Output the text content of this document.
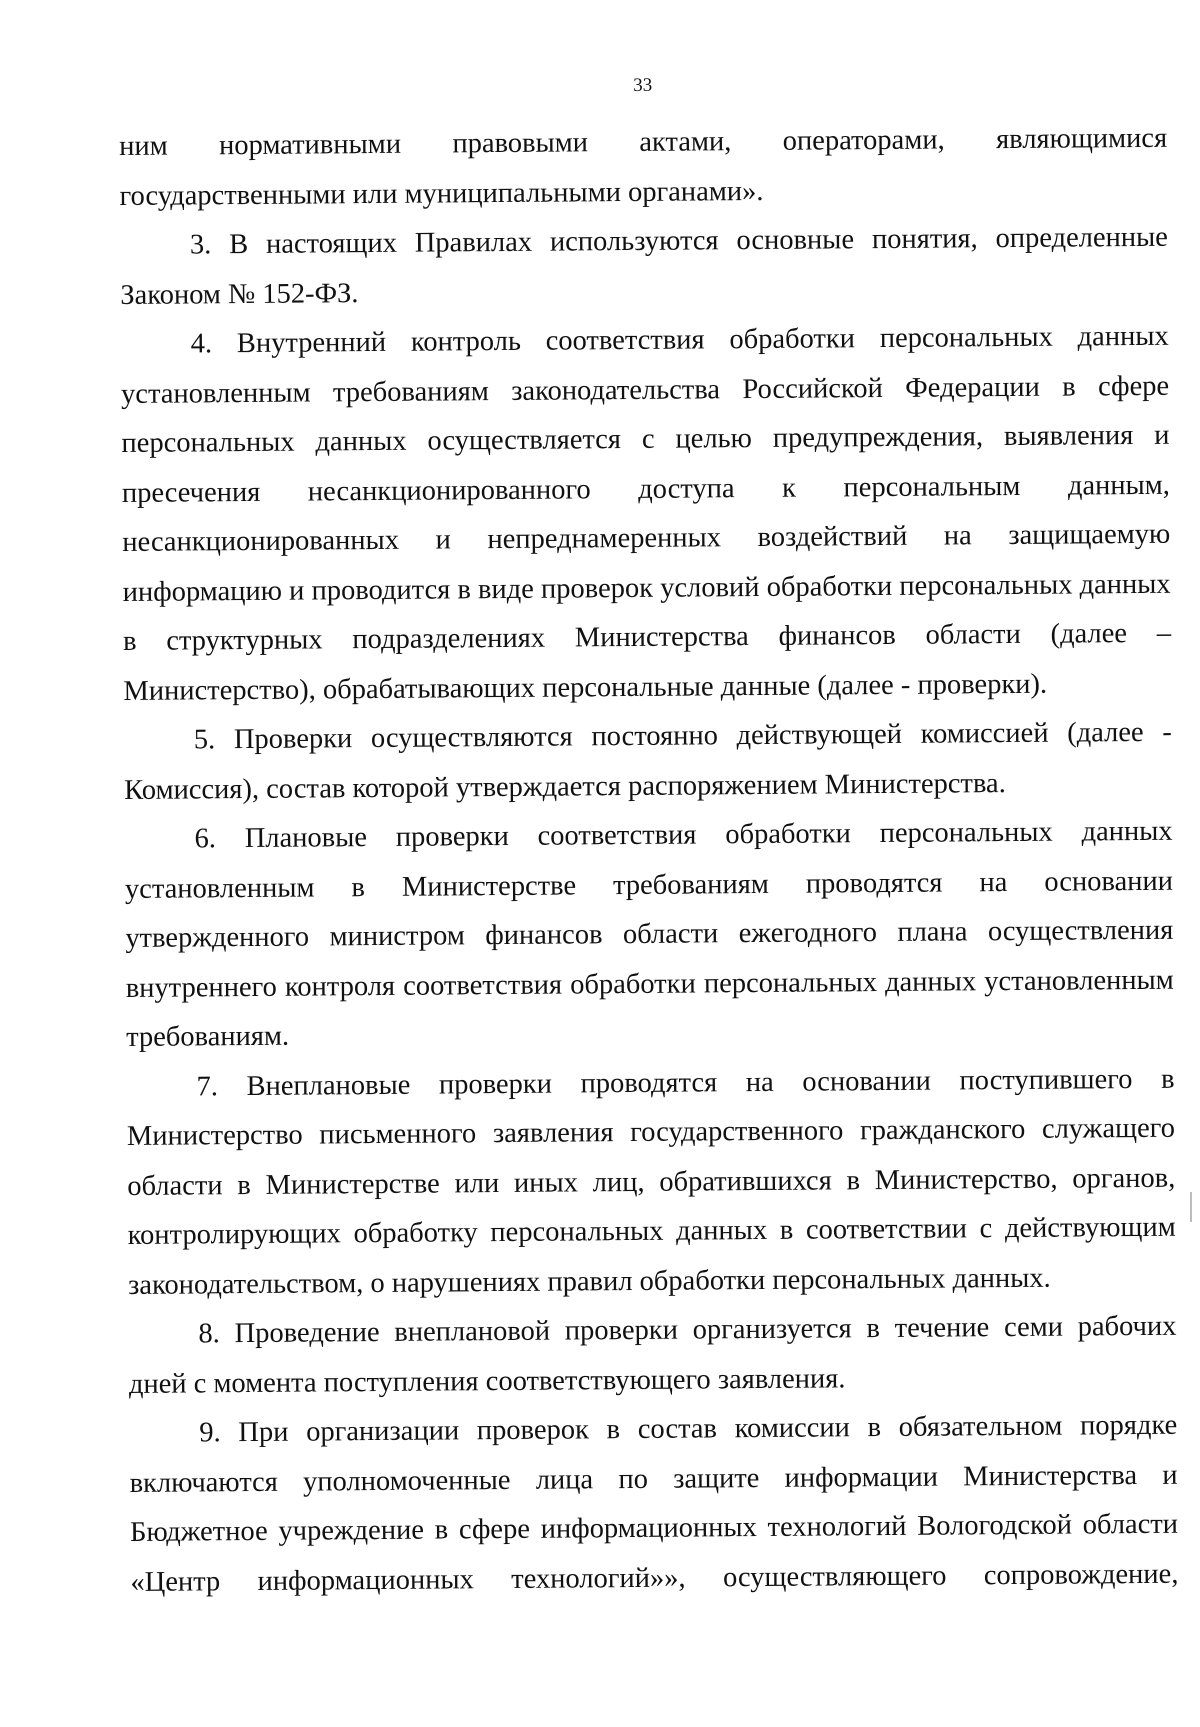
33

ним нормативными правовыми актами, операторами, являющимися государственными или муниципальными органами».

3. В настоящих Правилах используются основные понятия, определенные Законом № 152-ФЗ.

4. Внутренний контроль соответствия обработки персональных данных установленным требованиям законодательства Российской Федерации в сфере персональных данных осуществляется с целью предупреждения, выявления и пресечения несанкционированного доступа к персональным данным, несанкционированных и непреднамеренных воздействий на защищаемую информацию и проводится в виде проверок условий обработки персональных данных в структурных подразделениях Министерства финансов области (далее – Министерство), обрабатывающих персональные данные (далее - проверки).

5. Проверки осуществляются постоянно действующей комиссией (далее - Комиссия), состав которой утверждается распоряжением Министерства.

6. Плановые проверки соответствия обработки персональных данных установленным в Министерстве требованиям проводятся на основании утвержденного министром финансов области ежегодного плана осуществления внутреннего контроля соответствия обработки персональных данных установленным требованиям.

7. Внеплановые проверки проводятся на основании поступившего в Министерство письменного заявления государственного гражданского служащего области в Министерстве или иных лиц, обратившихся в Министерство, органов, контролирующих обработку персональных данных в соответствии с действующим законодательством, о нарушениях правил обработки персональных данных.

8. Проведение внеплановой проверки организуется в течение семи рабочих дней с момента поступления соответствующего заявления.

9. При организации проверок в состав комиссии в обязательном порядке включаются уполномоченные лица по защите информации Министерства и Бюджетное учреждение в сфере информационных технологий Вологодской области «Центр информационных технологий»», осуществляющего сопровождение,
